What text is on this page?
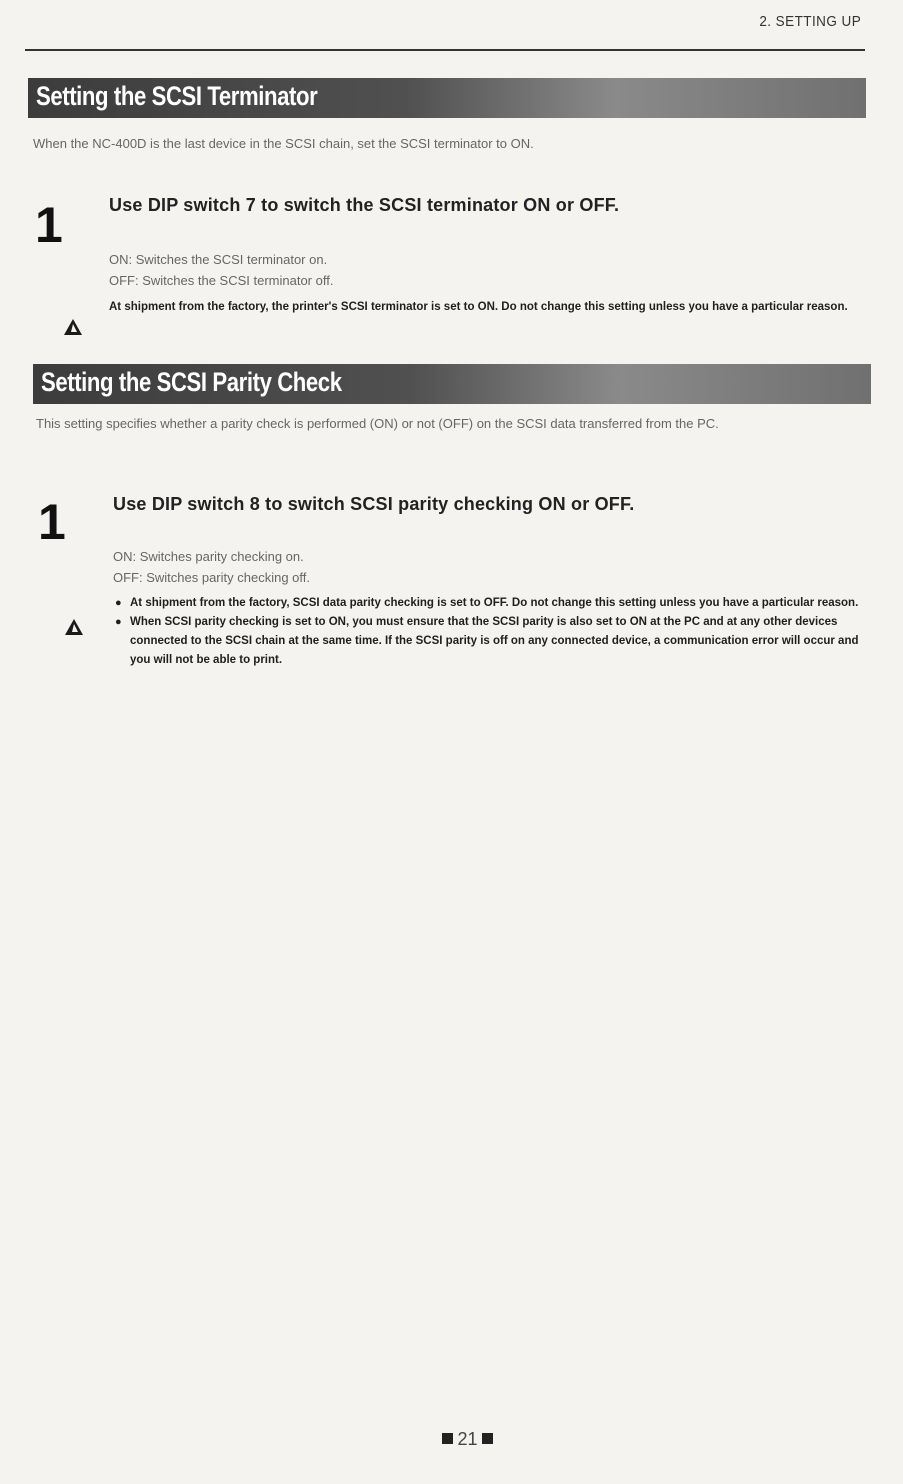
2. SETTING UP
Setting the SCSI Terminator
When the NC-400D is the last device in the SCSI chain, set the SCSI terminator to ON.
1	Use DIP switch 7 to switch the SCSI terminator ON or OFF.
ON: Switches the SCSI terminator on.
OFF: Switches the SCSI terminator off.
At shipment from the factory, the printer's SCSI terminator is set to ON. Do not change this setting unless you have a particular reason.
Setting the SCSI Parity Check
This setting specifies whether a parity check is performed (ON) or not (OFF) on the SCSI data transferred from the PC.
1	Use DIP switch 8 to switch SCSI parity checking ON or OFF.
ON: Switches parity checking on.
OFF: Switches parity checking off.
● At shipment from the factory, SCSI data parity checking is set to OFF. Do not change this setting unless you have a particular reason.
● When SCSI parity checking is set to ON, you must ensure that the SCSI parity is also set to ON at the PC and at any other devices connected to the SCSI chain at the same time. If the SCSI parity is off on any connected device, a communication error will occur and you will not be able to print.
21
